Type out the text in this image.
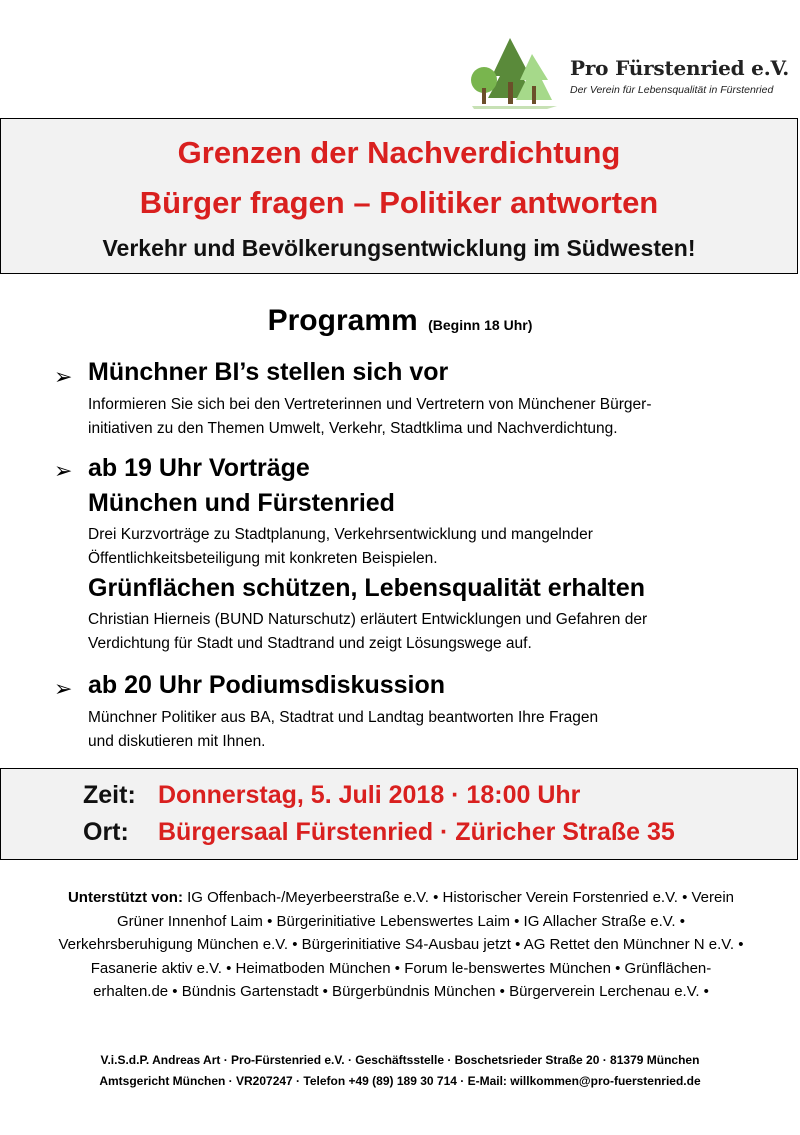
Pro Fürstenried e.V.
Der Verein für Lebensqualität in Fürstenried
Grenzen der Nachverdichtung
Bürger fragen – Politiker antworten
Verkehr und Bevölkerungsentwicklung im Südwesten!
Programm (Beginn 18 Uhr)
➢ Münchner BI’s stellen sich vor
Informieren Sie sich bei den Vertreterinnen und Vertretern von Münchener Bürger-
initiativen zu den Themen Umwelt, Verkehr, Stadtklima und Nachverdichtung.
➢ ab 19 Uhr Vorträge
München und Fürstenried
Drei Kurzvorträge zu Stadtplanung, Verkehrsentwicklung und mangelnder
Öffentlichkeitsbeteiligung mit konkreten Beispielen.
Grünflächen schützen, Lebensqualität erhalten
Christian Hierneis (BUND Naturschutz) erläutert Entwicklungen und Gefahren der
Verdichtung für Stadt und Stadtrand und zeigt Lösungswege auf.
➢ ab 20 Uhr Podiumsdiskussion
Münchner Politiker aus BA, Stadtrat und Landtag beantworten Ihre Fragen
und diskutieren mit Ihnen.
Zeit: Donnerstag, 5. Juli 2018 · 18:00 Uhr
Ort: Bürgersaal Fürstenried · Züricher Straße 35
Unterstützt von: IG Offenbach-/Meyerbeerstraße e.V. • Historischer Verein Forstenried e.V. • Verein Grüner Innenhof Laim • Bürgerinitiative Lebenswertes Laim • IG Allacher Straße e.V. • Verkehrsberuhigung München e.V. • Bürgerinitiative S4-Ausbau jetzt • AG Rettet den Münchner N e.V. • Fasanerie aktiv e.V. • Heimatboden München • Forum le-benswertes München • Grünflächen-erhalten.de • Bündnis Gartenstadt • Bürgerbündnis München • Bürgerverein Lerchenau e.V. •
V.i.S.d.P. Andreas Art · Pro-Fürstenried e.V. · Geschäftsstelle · Boschetsrieder Straße 20 · 81379 München
Amtsgericht München · VR207247 · Telefon +49 (89) 189 30 714 · E-Mail: willkommen@pro-fuerstenried.de
